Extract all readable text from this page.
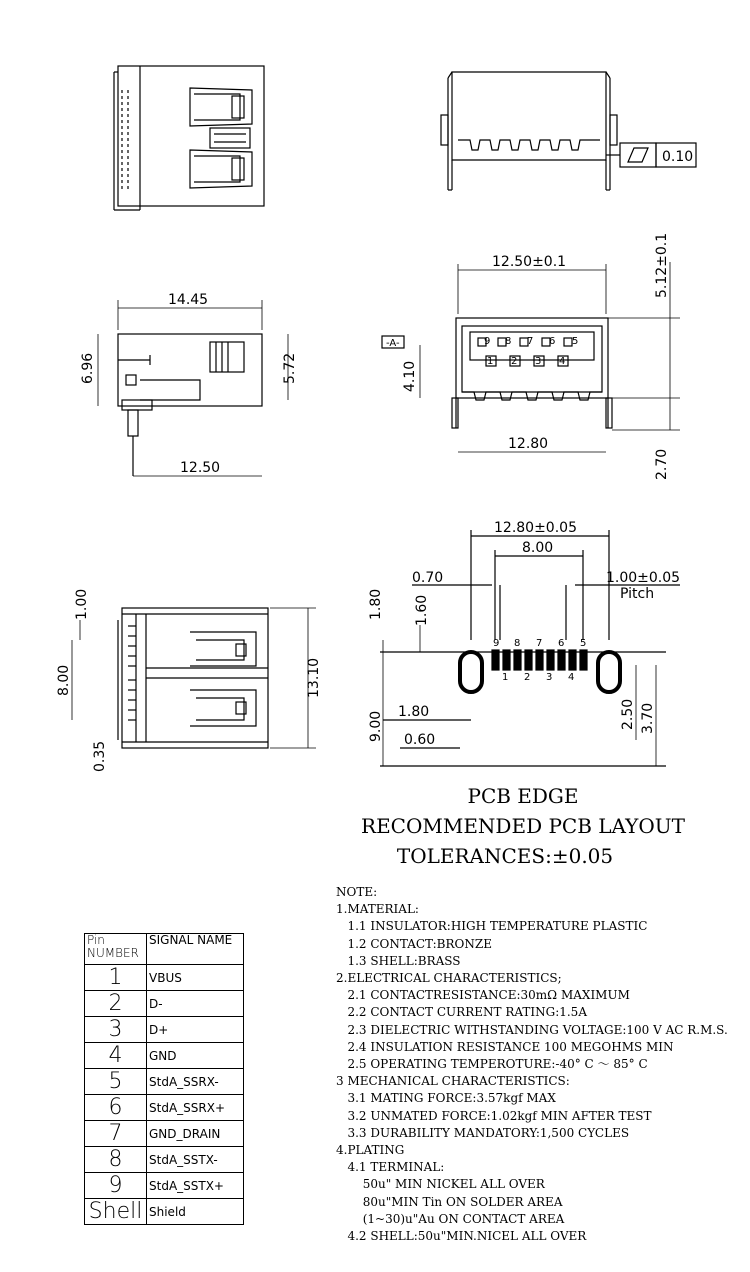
0.10
-A-	9 8 7 6 5
1 2 3 4
9 8 7 6 5
1 2 3 4
14.45
6.96	5.72
12.50
12.50±0.1	5.12±0.1
4.10
12.80
2.70
1.00
8.00
0.35
13.10
12.80±0.05
8.00
0.70	1.00±0.05
Pitch
1.80 1.60
9.00 1.80
0.60
2.50 3.70
PCB EDGE
RECOMMENDED PCB LAYOUT
TOLERANCES:±0.05
Pin NUMBER	SIGNAL NAME
1	VBUS
2	D-
3	D+
4	GND
5	StdA_SSRX-
6	StdA_SSRX+
7	GND_DRAIN
8	StdA_SSTX-
9	StdA_SSTX+
Shell	Shield
NOTE:
1.MATERIAL:
1.1 INSULATOR:HIGH TEMPERATURE PLASTIC
1.2 CONTACT:BRONZE
1.3 SHELL:BRASS
2.ELECTRICAL CHARACTERISTICS;
2.1 CONTACTRESISTANCE:30mΩ MAXIMUM
2.2 CONTACT CURRENT RATING:1.5A
2.3 DIELECTRIC WITHSTANDING VOLTAGE:100 V AC R.M.S.
2.4 INSULATION RESISTANCE 100 MEGOHMS MIN
2.5 OPERATING TEMPEROTURE:-40° C ～ 85° C
3 MECHANICAL CHARACTERISTICS:
3.1 MATING FORCE:3.57kgf MAX
3.2 UNMATED FORCE:1.02kgf MIN AFTER TEST
3.3 DURABILITY MANDATORY:1,500 CYCLES
4.PLATING
4.1 TERMINAL:
50u" MIN NICKEL ALL OVER
80u"MIN Tin ON SOLDER AREA
(1~30)u"Au ON CONTACT AREA
4.2 SHELL:50u"MIN.NICEL ALL OVER
